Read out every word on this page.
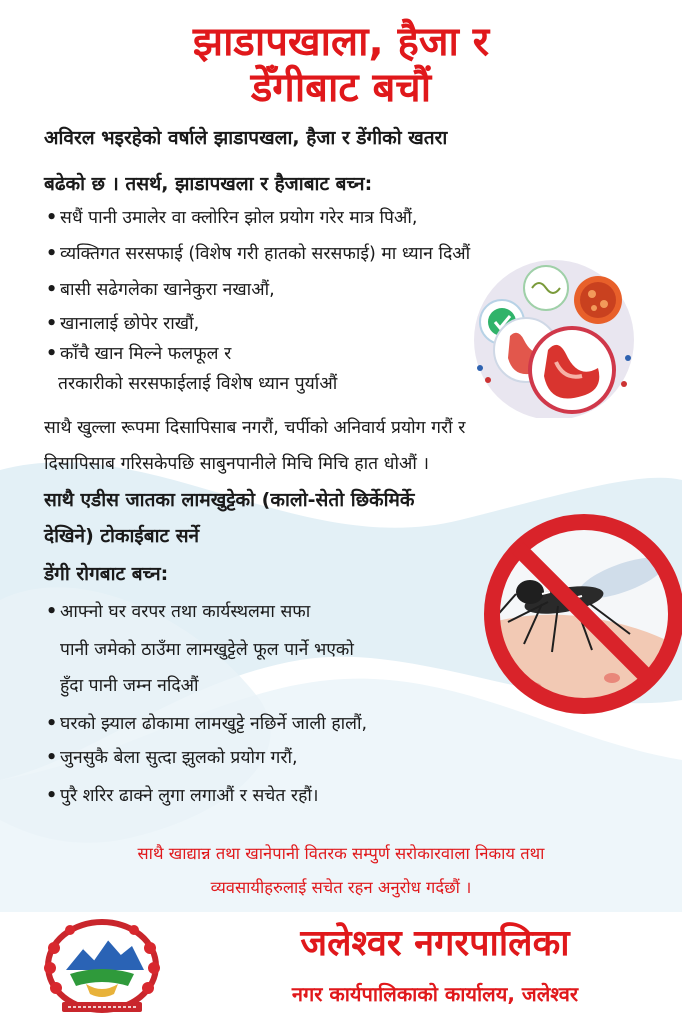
झाडापखाला, हैजा र
डेँगीबाट बचौं
अविरल भइरहेको वर्षाले झाडापखला, हैजा र डेंगीको खतरा
बढेको छ । तसर्थ, झाडापखला र हैजाबाट बच्न:
• सधैं पानी उमालेर वा क्लोरिन झोल प्रयोग गरेर मात्र पिऔं,
• व्यक्तिगत सरसफाई (विशेष गरी हातको सरसफाई) मा ध्यान दिऔं
• बासी सढेगलेका खानेकुरा नखाऔं,
• खानालाई छोपेर राखौं,
• काँचै खान मिल्ने फलफूल र
तरकारीको सरसफाईलाई विशेष ध्यान पुर्याऔं
साथै खुल्ला रूपमा दिसापिसाब नगरौं, चर्पीको अनिवार्य प्रयोग गरौं र
दिसापिसाब गरिसकेपछि साबुनपानीले मिचि मिचि हात धोऔं ।
साथै एडीस जातका लामखुट्टेको (कालो-सेतो छिर्केमिर्के
देखिने) टोकाईबाट सर्ने
डेंगी रोगबाट बच्न:
• आफ्नो घर वरपर तथा कार्यस्थलमा सफा
पानी जमेको ठाउँमा लामखुट्टेले फूल पार्ने भएको
हुँदा पानी जम्न नदिऔं
• घरको झ्याल ढोकामा लामखुट्टे नछिर्ने जाली हालौं,
• जुनसुकै बेला सुत्दा झुलको प्रयोग गरौं,
• पुरै शरिर ढाक्ने लुगा लगाऔं र सचेत रहौं।
साथै खाद्यान्न तथा खानेपानी वितरक सम्पुर्ण सरोकारवाला निकाय तथा
व्यवसायीहरुलाई सचेत रहन अनुरोध गर्दछौं ।
जलेश्वर नगरपालिका
नगर कार्यपालिकाको कार्यालय, जलेश्वर
